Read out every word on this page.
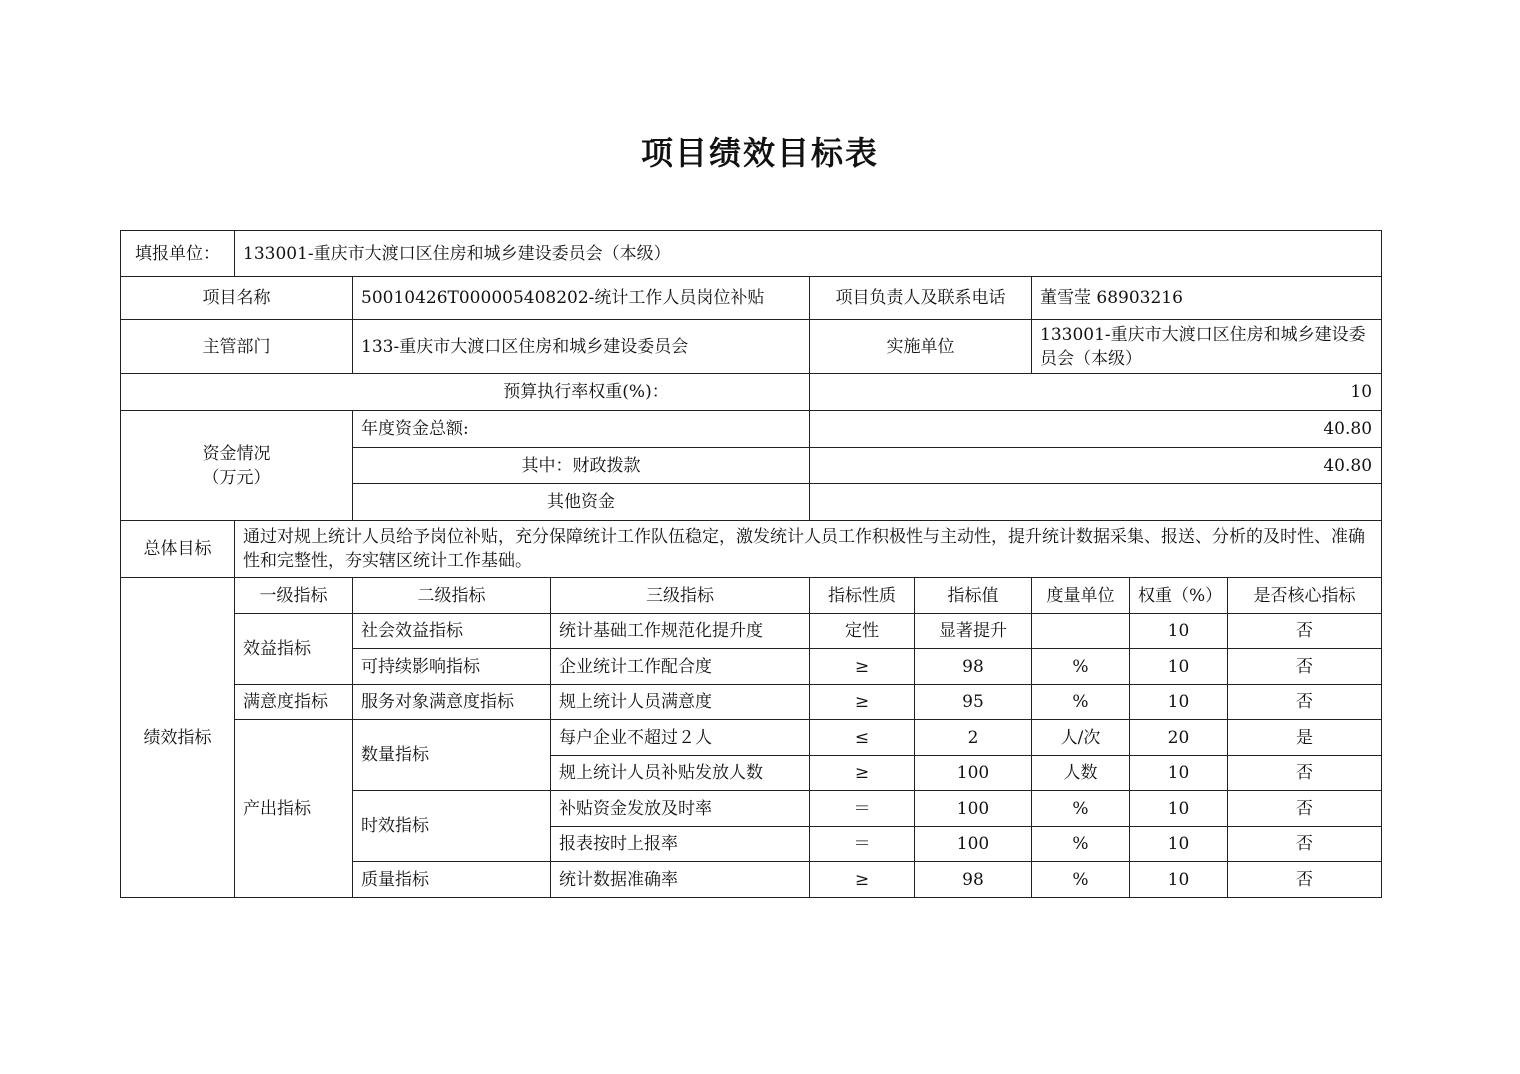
项目绩效目标表
填报单位：	133001-重庆市大渡口区住房和城乡建设委员会（本级）							
项目名称		50010426T000005408202-统计工作人员岗位补贴		项目负责人及联系电话		董雪莹 68903216		
主管部门		133-重庆市大渡口区住房和城乡建设委员会		实施单位		133001-重庆市大渡口区住房和城乡建设委员会（本级）		
预算执行率权重(%)：				10				

资金情况
（万元）		年度资金总额:		40.80				
		其中：财政拨款		40.80				
		其他资金						
总体目标	通过对规上统计人员给予岗位补贴，充分保障统计工作队伍稳定，激发统计人员工作积极性与主动性，提升统计数据采集、报送、分析的及时性、准确性和完整性，夯实辖区统计工作基础。							
绩效指标	一级指标	二级指标	三级指标	指标性质	指标值	度量单位	权重（%）	是否核心指标
	效益指标	社会效益指标	统计基础工作规范化提升度	定性	显著提升		10	否
		可持续影响指标	企业统计工作配合度	≥	98	%	10	否
	满意度指标	服务对象满意度指标	规上统计人员满意度	≥	95	%	10	否
	产出指标	数量指标	每户企业不超过２人	≤	2	人/次	20	是
			规上统计人员补贴发放人数	≥	100	人数	10	否
		时效指标	补贴资金发放及时率	＝	100	%	10	否
			报表按时上报率	＝	100	%	10	否
		质量指标	统计数据准确率	≥	98	%	10	否
